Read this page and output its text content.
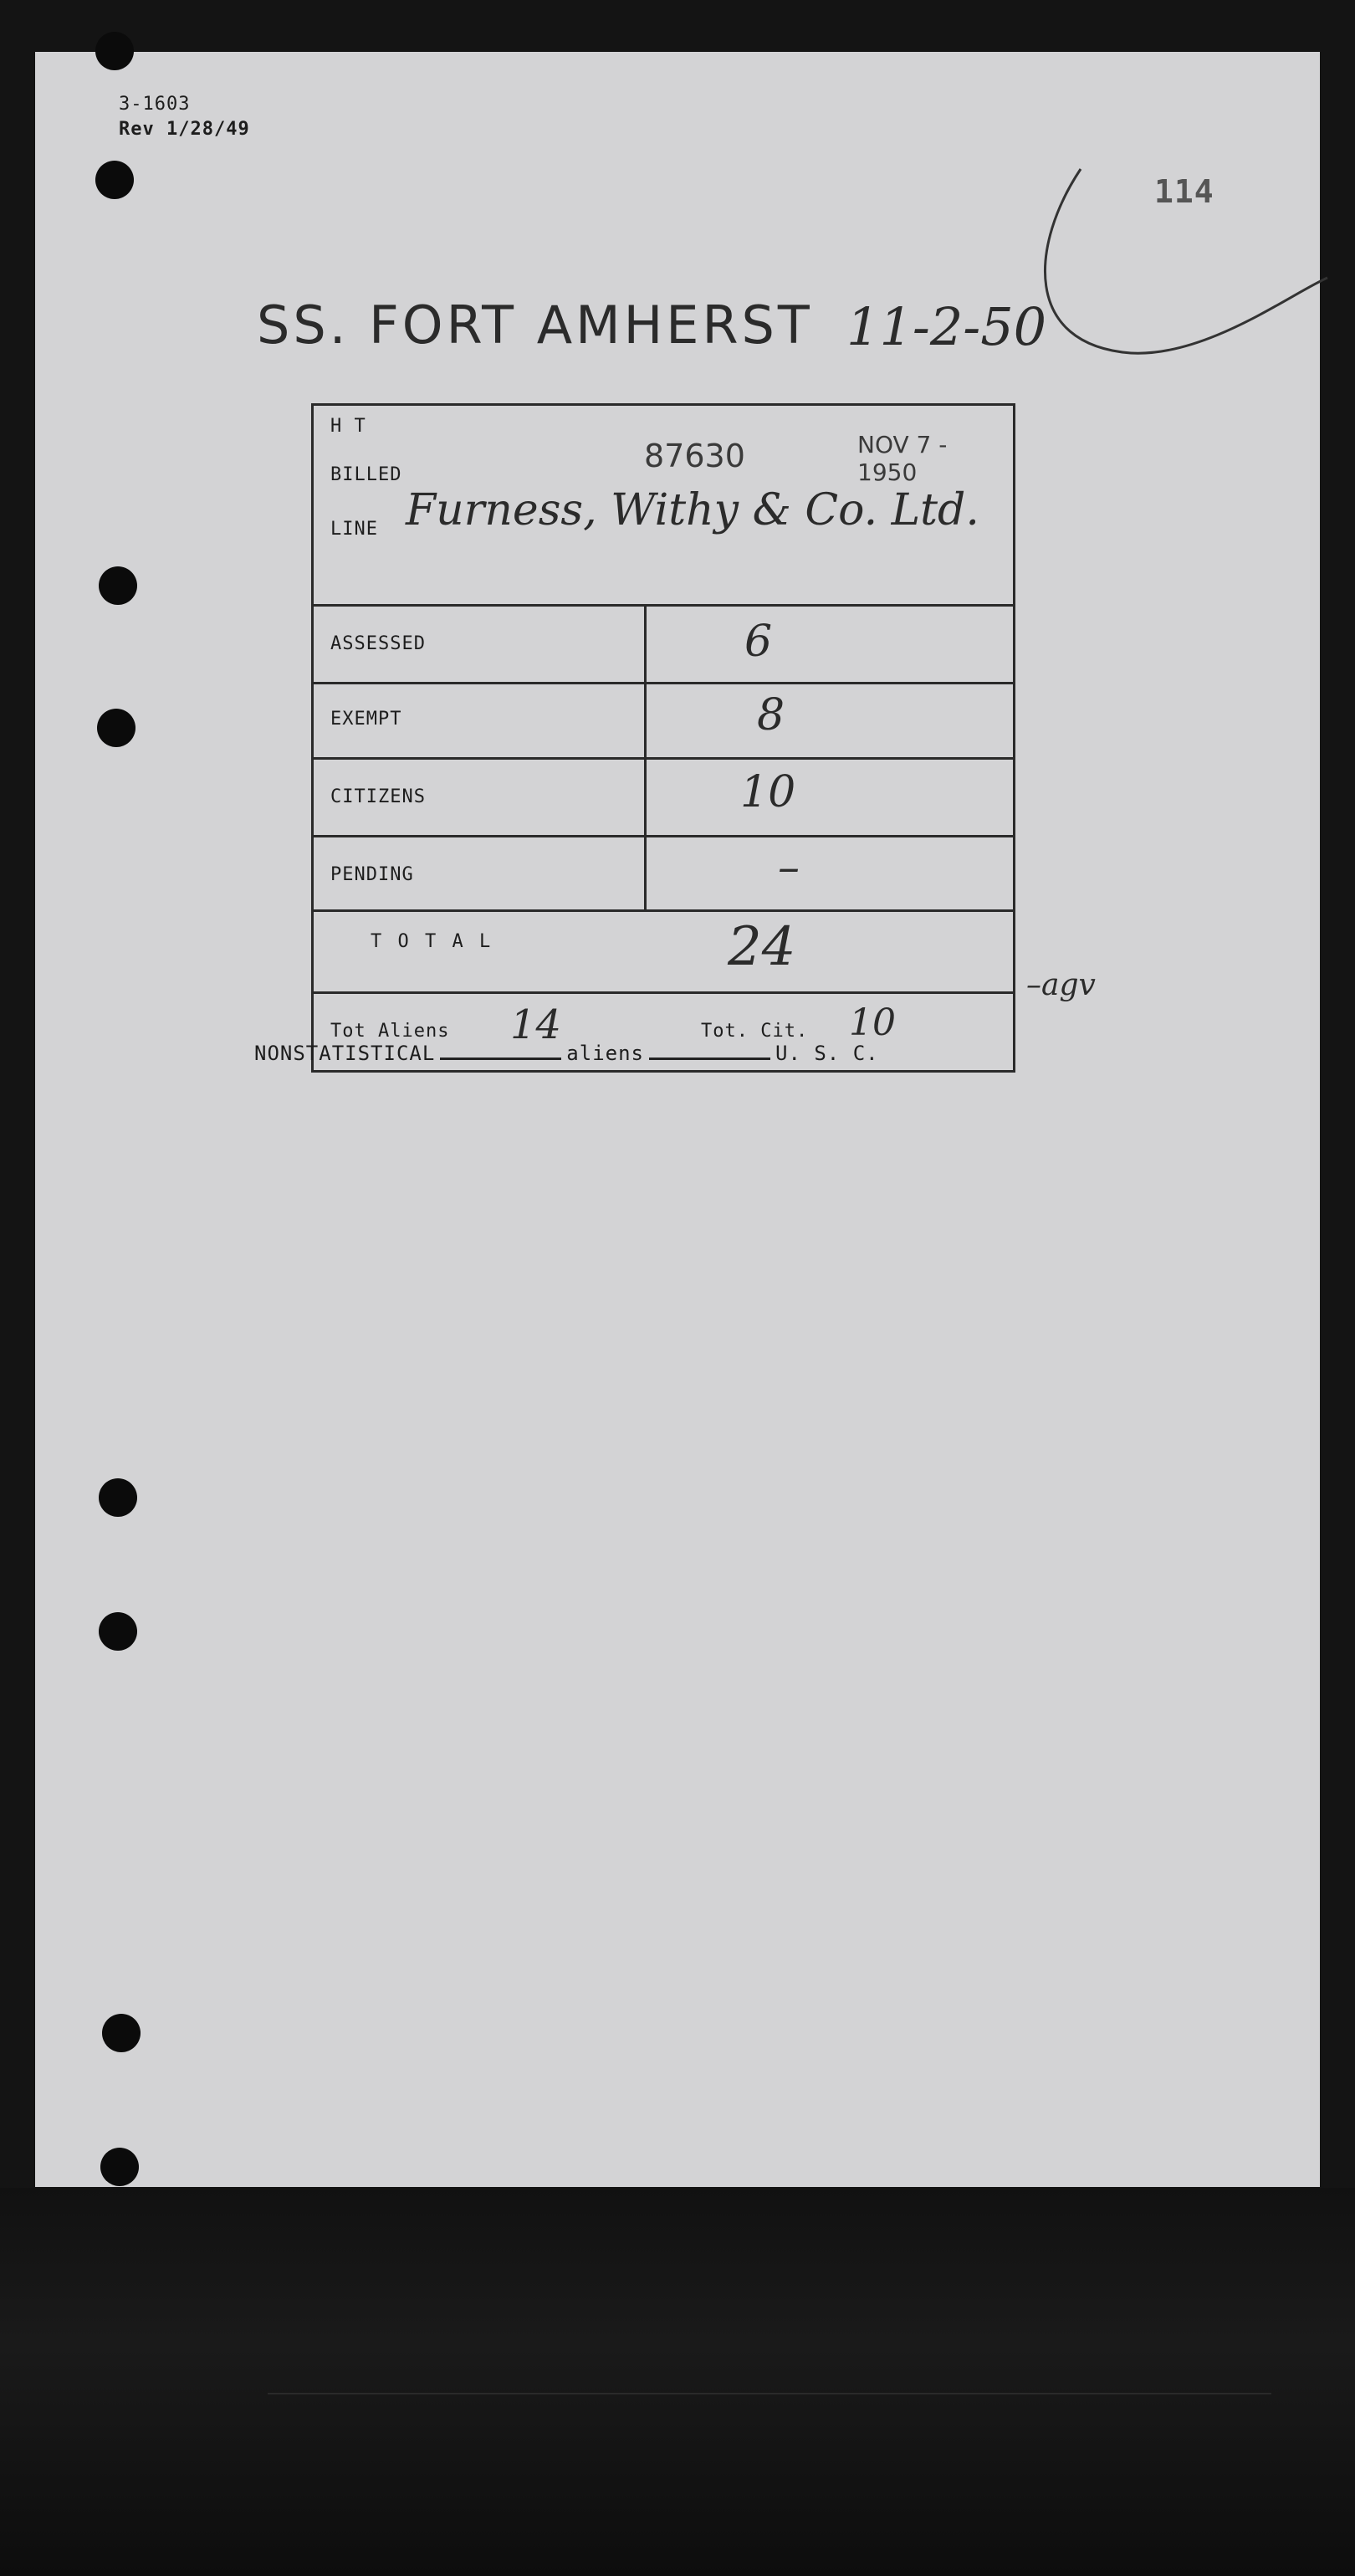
3-1603
Rev 1/28/49
114
SS. FORT AMHERST 11-2-50
H T
BILLED
LINE
87630	NOV 7 - 1950
Furness, Withy & Co. Ltd.
ASSESSED	6
EXEMPT	8
CITIZENS	10
PENDING	–
T O T A L	24
Tot Aliens 14	Tot. Cit. 10
–agv
NONSTATISTICAL	aliens	U. S. C.
